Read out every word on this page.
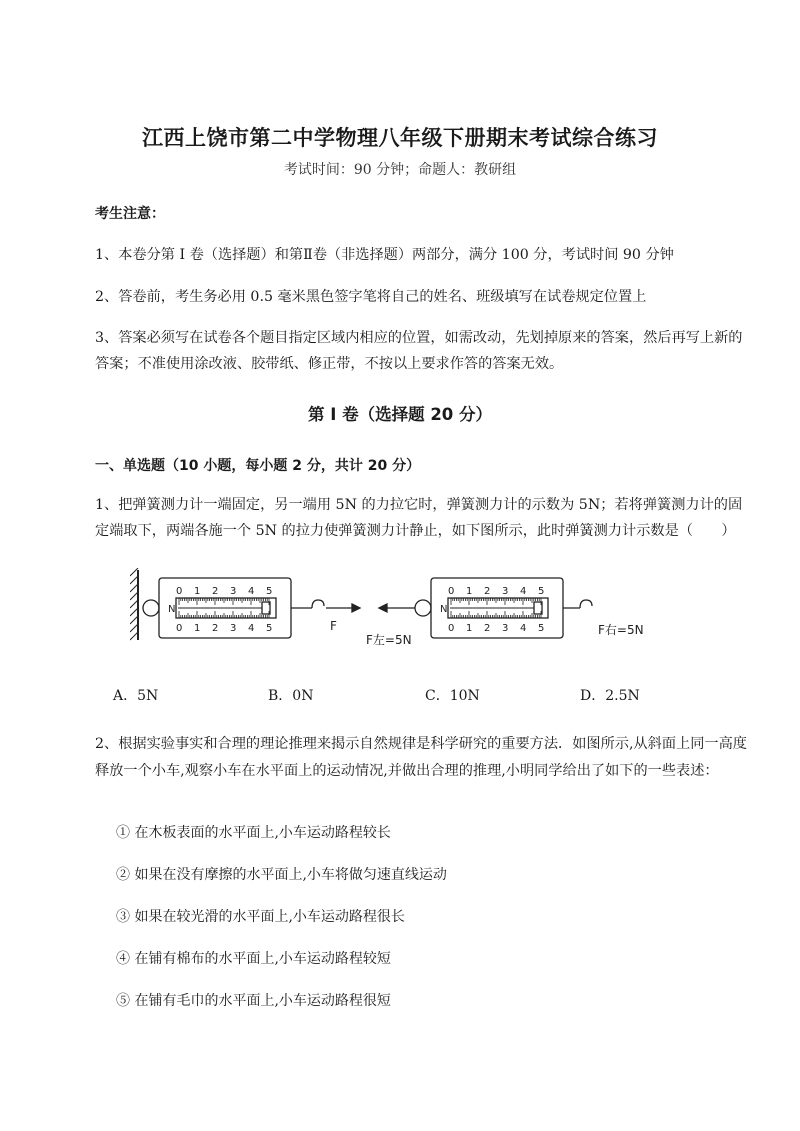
江西上饶市第二中学物理八年级下册期末考试综合练习
考试时间：90 分钟；命题人：教研组
考生注意：
1、本卷分第 I 卷（选择题）和第Ⅱ卷（非选择题）两部分，满分 100 分，考试时间 90 分钟
2、答卷前，考生务必用 0.5 毫米黑色签字笔将自己的姓名、班级填写在试卷规定位置上
3、答案必须写在试卷各个题目指定区域内相应的位置，如需改动，先划掉原来的答案，然后再写上新的答案；不准使用涂改液、胶带纸、修正带，不按以上要求作答的答案无效。
第 I 卷（选择题 20 分）
一、单选题（10 小题，每小题 2 分，共计 20 分）
1、把弹簧测力计一端固定，另一端用 5N 的力拉它时，弹簧测力计的示数为 5N；若将弹簧测力计的固定端取下，两端各施一个 5N 的拉力使弹簧测力计静止，如下图所示，此时弹簧测力计示数是（　　）
N	N
0 1 2 3 4 5
0 1 2 3 4 5
0 1 2 3 4 5
0 1 2 3 4 5
F
F左=5N
F右=5N
A．5N	B．0N	C．10N	D．2.5N
2、根据实验事实和合理的理论推理来揭示自然规律是科学研究的重要方法．如图所示,从斜面上同一高度释放一个小车,观察小车在水平面上的运动情况,并做出合理的推理,小明同学给出了如下的一些表述：
① 在木板表面的水平面上,小车运动路程较长
② 如果在没有摩擦的水平面上,小车将做匀速直线运动
③ 如果在较光滑的水平面上,小车运动路程很长
④ 在铺有棉布的水平面上,小车运动路程较短
⑤ 在铺有毛巾的水平面上,小车运动路程很短
